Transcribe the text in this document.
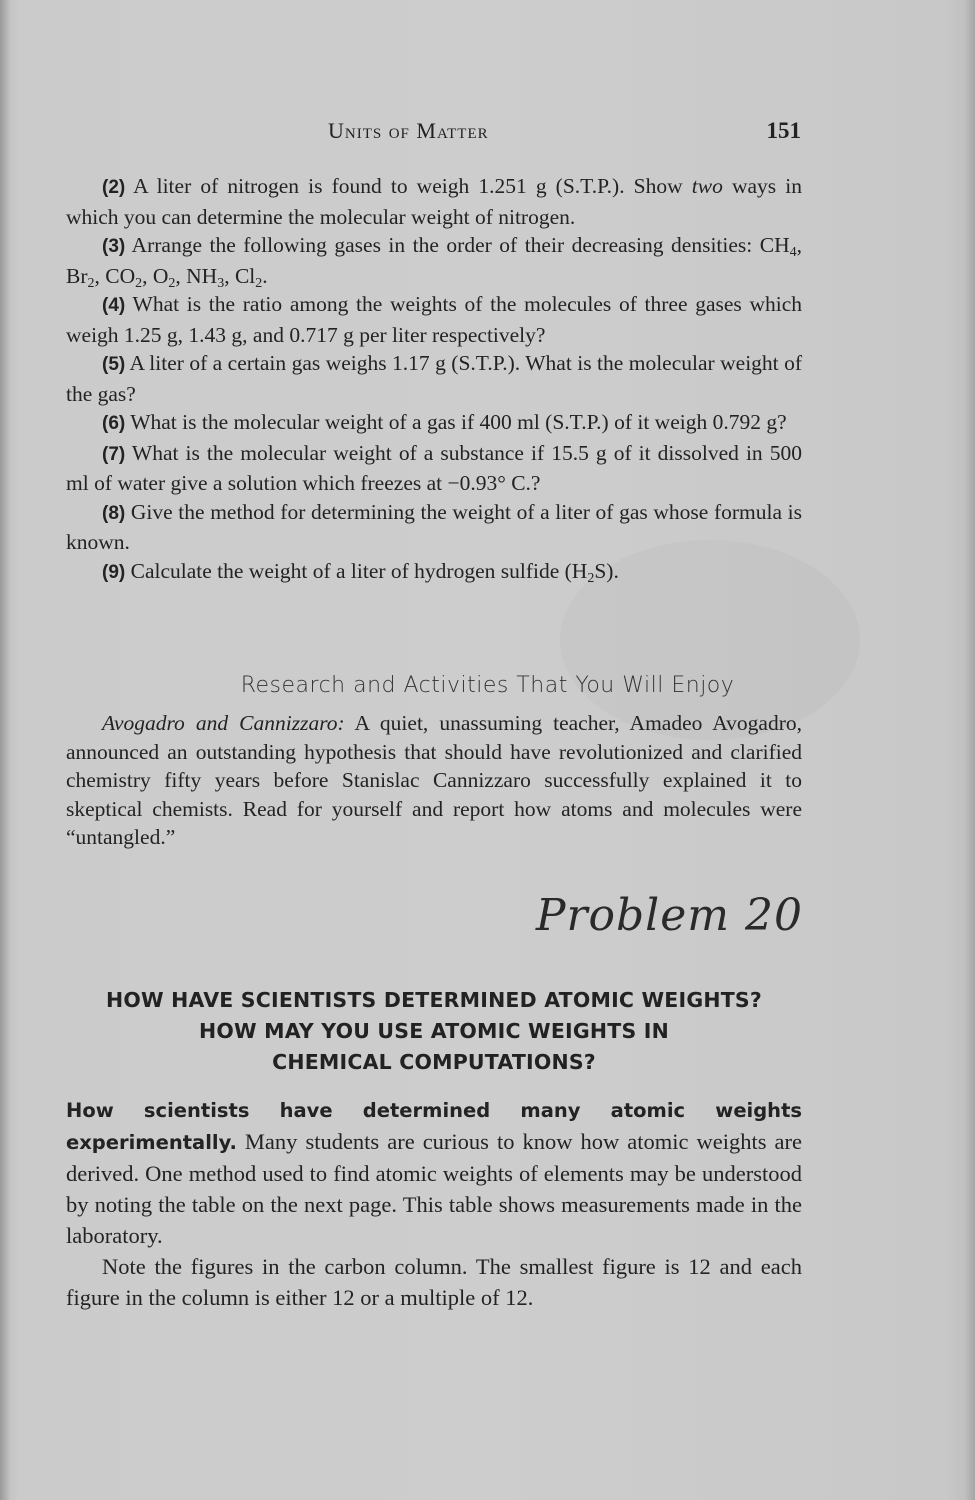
Units of Matter	151

(2) A liter of nitrogen is found to weigh 1.251 g (S.T.P.). Show two ways in which you can determine the molecular weight of nitrogen.

(3) Arrange the following gases in the order of their decreasing densities: $CH_4$, $Br_2$, $CO_2$, $O_2$, $NH_3$, $Cl_2$.

(4) What is the ratio among the weights of the molecules of three gases which weigh 1.25 g, 1.43 g, and 0.717 g per liter respectively?

(5) A liter of a certain gas weighs 1.17 g (S.T.P.). What is the molecular weight of the gas?

(6) What is the molecular weight of a gas if 400 ml (S.T.P.) of it weigh 0.792 g?

(7) What is the molecular weight of a substance if 15.5 g of it dissolved in 500 ml of water give a solution which freezes at −0.93° C.?

(8) Give the method for determining the weight of a liter of gas whose formula is known.

(9) Calculate the weight of a liter of hydrogen sulfide $(H_2S)$.

Research and Activities That You Will Enjoy

Avogadro and Cannizzaro: A quiet, unassuming teacher, Amadeo Avogadro, announced an outstanding hypothesis that should have revolutionized and clarified chemistry fifty years before Stanislac Cannizzaro successfully explained it to skeptical chemists. Read for yourself and report how atoms and molecules were “untangled.”

Problem 20
HOW HAVE SCIENTISTS DETERMINED ATOMIC WEIGHTS?
HOW MAY YOU USE ATOMIC WEIGHTS IN
CHEMICAL COMPUTATIONS?

How scientists have determined many atomic weights experimentally. Many students are curious to know how atomic weights are derived. One method used to find atomic weights of elements may be understood by noting the table on the next page. This table shows measurements made in the laboratory.

Note the figures in the carbon column. The smallest figure is 12 and each figure in the column is either 12 or a multiple of 12.
